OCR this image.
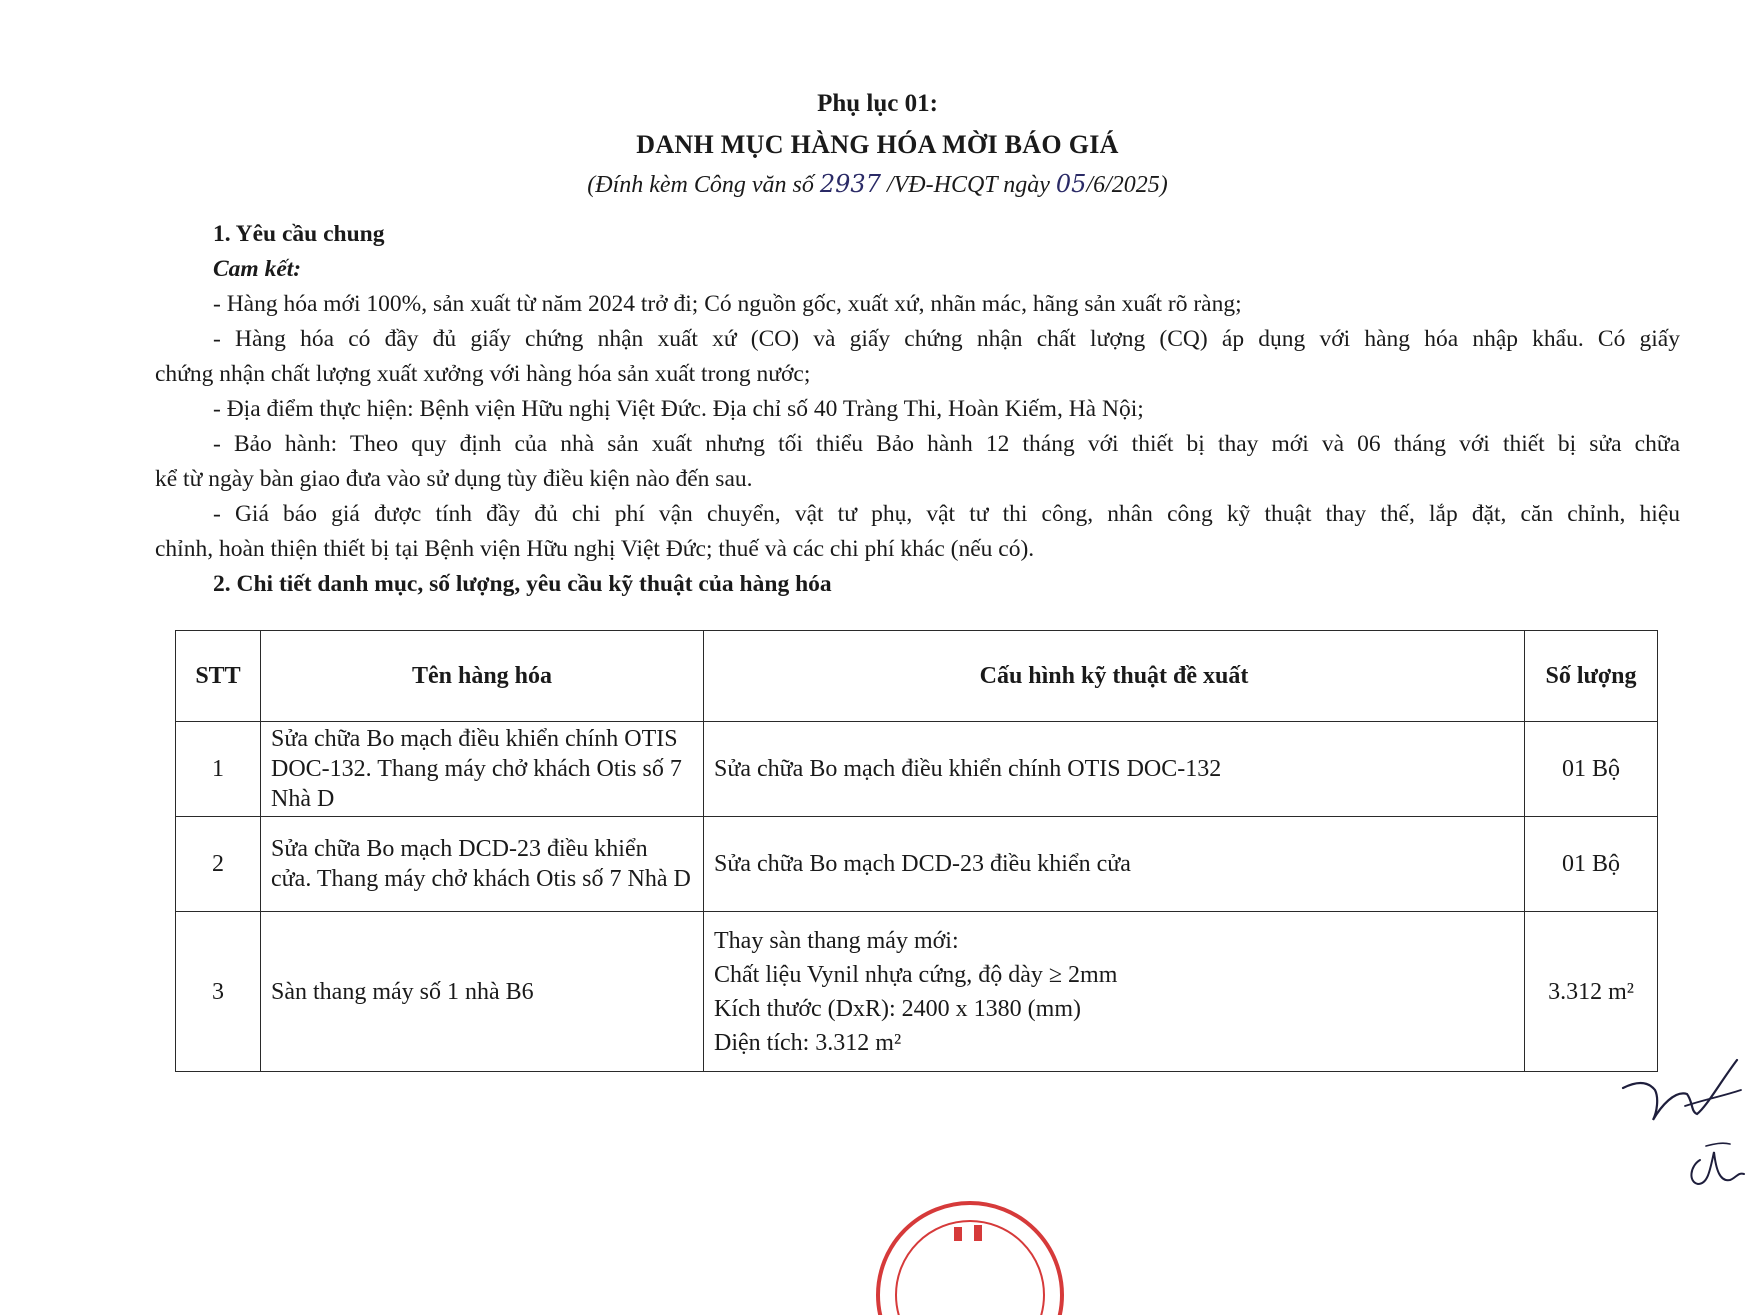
Phụ lục 01:
DANH MỤC HÀNG HÓA MỜI BÁO GIÁ
(Đính kèm Công văn số 2937 /VĐ-HCQT ngày 05/6/2025)
1. Yêu cầu chung
Cam kết:
- Hàng hóa mới 100%, sản xuất từ năm 2024 trở đi; Có nguồn gốc, xuất xứ, nhãn mác, hãng sản xuất rõ ràng;
- Hàng hóa có đầy đủ giấy chứng nhận xuất xứ (CO) và giấy chứng nhận chất lượng (CQ) áp dụng với hàng hóa nhập khẩu. Có giấy
chứng nhận chất lượng xuất xưởng với hàng hóa sản xuất trong nước;
- Địa điểm thực hiện: Bệnh viện Hữu nghị Việt Đức. Địa chỉ số 40 Tràng Thi, Hoàn Kiếm, Hà Nội;
- Bảo hành: Theo quy định của nhà sản xuất nhưng tối thiểu Bảo hành 12 tháng với thiết bị thay mới và 06 tháng với thiết bị sửa chữa
kể từ ngày bàn giao đưa vào sử dụng tùy điều kiện nào đến sau.
- Giá báo giá được tính đầy đủ chi phí vận chuyển, vật tư phụ, vật tư thi công, nhân công kỹ thuật thay thế, lắp đặt, căn chỉnh, hiệu
chỉnh, hoàn thiện thiết bị tại Bệnh viện Hữu nghị Việt Đức; thuế và các chi phí khác (nếu có).
2. Chi tiết danh mục, số lượng, yêu cầu kỹ thuật của hàng hóa
STT	Tên hàng hóa	Cấu hình kỹ thuật đề xuất	Số lượng
1	Sửa chữa Bo mạch điều khiển chính OTIS DOC-132. Thang máy chở khách Otis số 7 Nhà D	Sửa chữa Bo mạch điều khiển chính OTIS DOC-132	01 Bộ
2	Sửa chữa Bo mạch DCD-23 điều khiển cửa. Thang máy chở khách Otis số 7 Nhà D	Sửa chữa Bo mạch DCD-23 điều khiển cửa	01 Bộ
3	Sàn thang máy số 1 nhà B6	Thay sàn thang máy mới:
Chất liệu Vynil nhựa cứng, độ dày ≥ 2mm
Kích thước (DxR): 2400 x 1380 (mm)
Diện tích: 3.312 m²	3.312 m²
